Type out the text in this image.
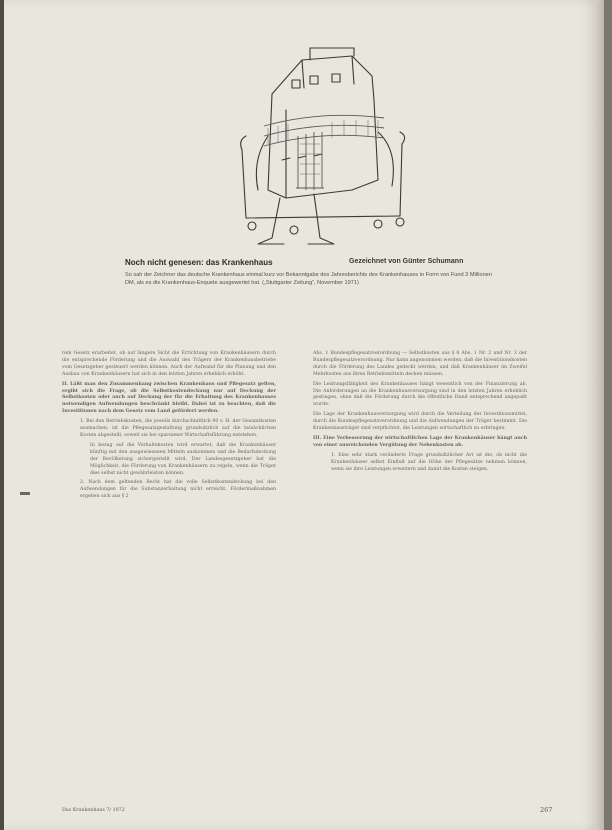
Noch nicht genesen: das Krankenhaus	Gezeichnet von Günter Schumann
So sah der Zeichner das deutsche Krankenhaus einmal kurz vor Bekanntgabe des Jahresberichts des Krankenhauses in Form von Fund 3 Millionen DM, als es die Krankenhaus-Enquete ausgewertet hat. („Stuttgarter Zeitung“, November 1971)

rem Gesetz erarbeitet, ob auf längere Sicht die Errichtung von Krankenhäusern durch die entsprechende Förderung und die Auswahl des Trägers der Krankenhausbetriebe vom Gesetzgeber gesteuert werden können. Auch der Aufwand für die Planung und den Ausbau von Krankenhäusern hat sich in den letzten Jahren erheblich erhöht.

II. Läßt man den Zusammenhang zwischen Krankenhaus und Pflegesatz gelten, ergibt sich die Frage, ob die Selbstkostendeckung nur auf Deckung der Selbstkosten oder auch auf Deckung der für die Erhaltung des Krankenhauses notwendigen Aufwendungen beschränkt bleibt. Dabei ist zu beachten, daß die Investitionen nach dem Gesetz vom Land gefördert werden.

1. Bei den Betriebskosten, die jeweils durchschnittlich 90 v. H. der Gesamtkosten ausmachen, ist die Pflegesatzgestaltung grundsätzlich auf die tatsächlichen Kosten abgestellt, soweit sie bei sparsamer Wirtschaftsführung entstehen.

In bezug auf die Vorhaltekosten wird erwartet, daß die Krankenhäuser künftig mit den ausgewiesenen Mitteln auskommen und die Bedarfsdeckung der Bevölkerung sichergestellt wird. Der Landesgesetzgeber hat die Möglichkeit, die Förderung von Krankenhäusern zu regeln, wenn die Träger dies selbst nicht gewährleisten können.

2. Nach dem geltenden Recht hat die volle Selbstkostendeckung bei den Aufwendungen für die Substanzerhaltung nicht erreicht. Fördermaßnahmen ergeben sich aus § 2

Abs. 1 Bundespflegesatzverordnung — Selbstkosten aus § 8 Abs. 1 Nr. 2 und Nr. 3 der Bundespflegesatzverordnung. Nur kann angenommen werden, daß die Investitionskosten durch die Förderung des Landes gedeckt werden, und daß Krankenhäuser im Zweifel Mehrkosten aus ihren Betriebsmitteln decken müssen.

Die Leistungsfähigkeit des Krankenhauses hängt wesentlich von der Finanzierung ab. Die Anforderungen an die Krankenhausversorgung sind in den letzten Jahren erheblich gestiegen, ohne daß die Förderung durch die öffentliche Hand entsprechend angepaßt wurde.

Die Lage der Krankenhausversorgung wird durch die Verteilung der Investitionsmittel, durch die Bundespflegesatzverordnung und die Aufwendungen der Träger bestimmt. Die Krankenhausträger sind verpflichtet, die Leistungen wirtschaftlich zu erbringen.

III. Eine Verbesserung der wirtschaftlichen Lage der Krankenhäuser hängt auch von einer ausreichenden Vergütung der Nebenkosten ab.

1. Eine sehr stark veränderte Frage grundsätzlicher Art ist die, ob nicht die Krankenhäuser selbst Einfluß auf die Höhe der Pflegesätze nehmen können, wenn sie ihre Leistungen erweitern und damit die Kosten steigen.

Das Krankenhaus 7/ 1972	267
